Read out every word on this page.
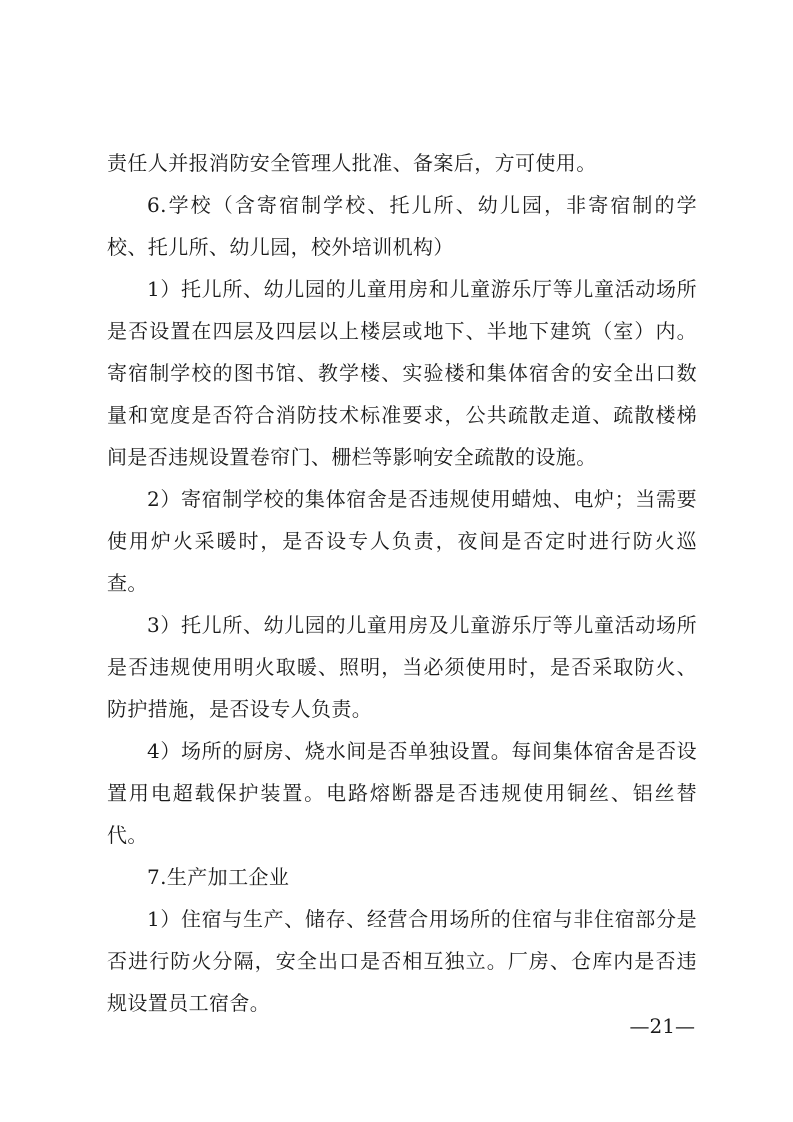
责任人并报消防安全管理人批准、备案后，方可使用。

6.学校（含寄宿制学校、托儿所、幼儿园，非寄宿制的学校、托儿所、幼儿园，校外培训机构）

1）托儿所、幼儿园的儿童用房和儿童游乐厅等儿童活动场所是否设置在四层及四层以上楼层或地下、半地下建筑（室）内。寄宿制学校的图书馆、教学楼、实验楼和集体宿舍的安全出口数量和宽度是否符合消防技术标准要求，公共疏散走道、疏散楼梯间是否违规设置卷帘门、栅栏等影响安全疏散的设施。

2）寄宿制学校的集体宿舍是否违规使用蜡烛、电炉；当需要使用炉火采暖时，是否设专人负责，夜间是否定时进行防火巡查。

3）托儿所、幼儿园的儿童用房及儿童游乐厅等儿童活动场所是否违规使用明火取暖、照明，当必须使用时，是否采取防火、防护措施，是否设专人负责。

4）场所的厨房、烧水间是否单独设置。每间集体宿舍是否设置用电超载保护装置。电路熔断器是否违规使用铜丝、铝丝替代。

7.生产加工企业

1）住宿与生产、储存、经营合用场所的住宿与非住宿部分是否进行防火分隔，安全出口是否相互独立。厂房、仓库内是否违规设置员工宿舍。

—21—
